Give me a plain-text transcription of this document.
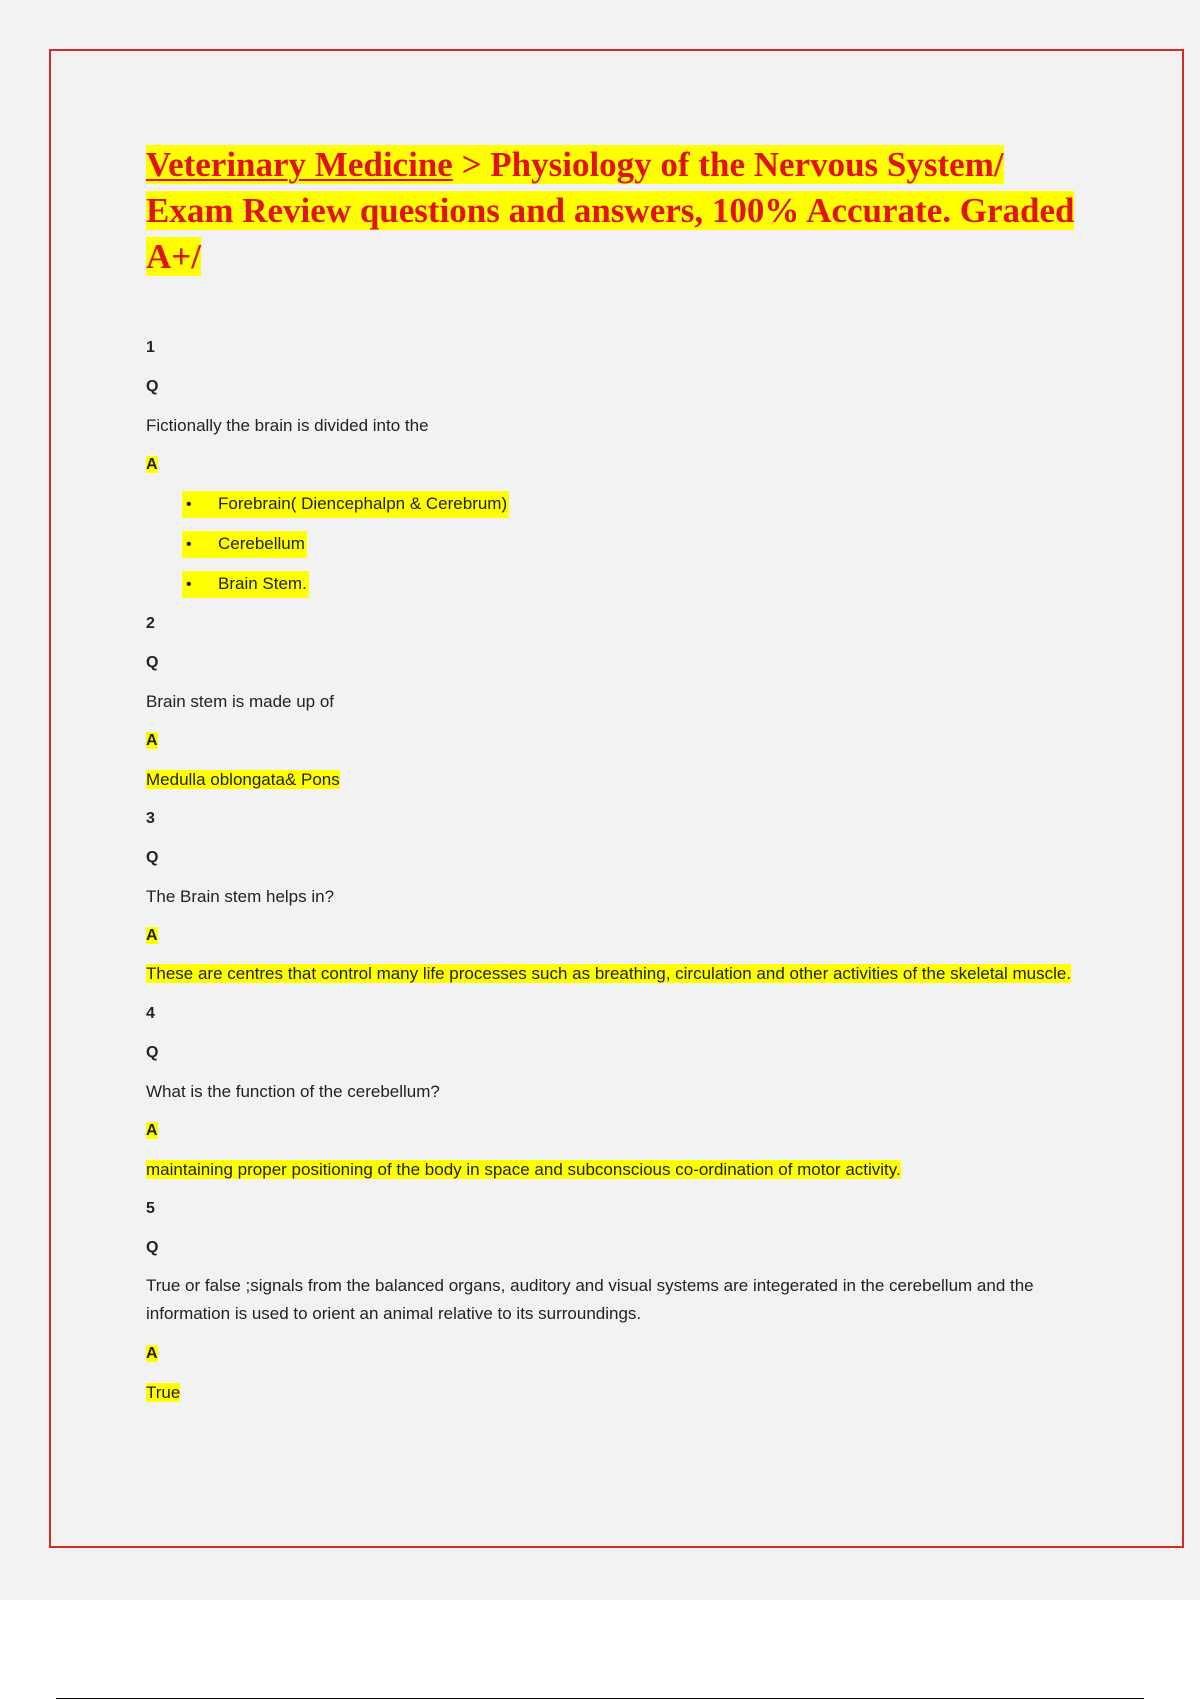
Veterinary Medicine > Physiology of the Nervous System/ Exam Review questions and answers, 100% Accurate. Graded A+/
1
Q
Fictionally the brain is divided into the
A
• Forebrain( Diencephalpn & Cerebrum)
• Cerebellum
• Brain Stem.
2
Q
Brain stem is made up of
A
Medulla oblongata& Pons
3
Q
The Brain stem helps in?
A
These are centres that control many life processes such as breathing, circulation and other activities of the skeletal muscle.
4
Q
What is the function of the cerebellum?
A
maintaining proper positioning of the body in space and subconscious co-ordination of motor activity.
5
Q
True or false ;signals from the balanced organs, auditory and visual systems are integerated in the cerebellum and the information is used to orient an animal relative to its surroundings.
A
True
